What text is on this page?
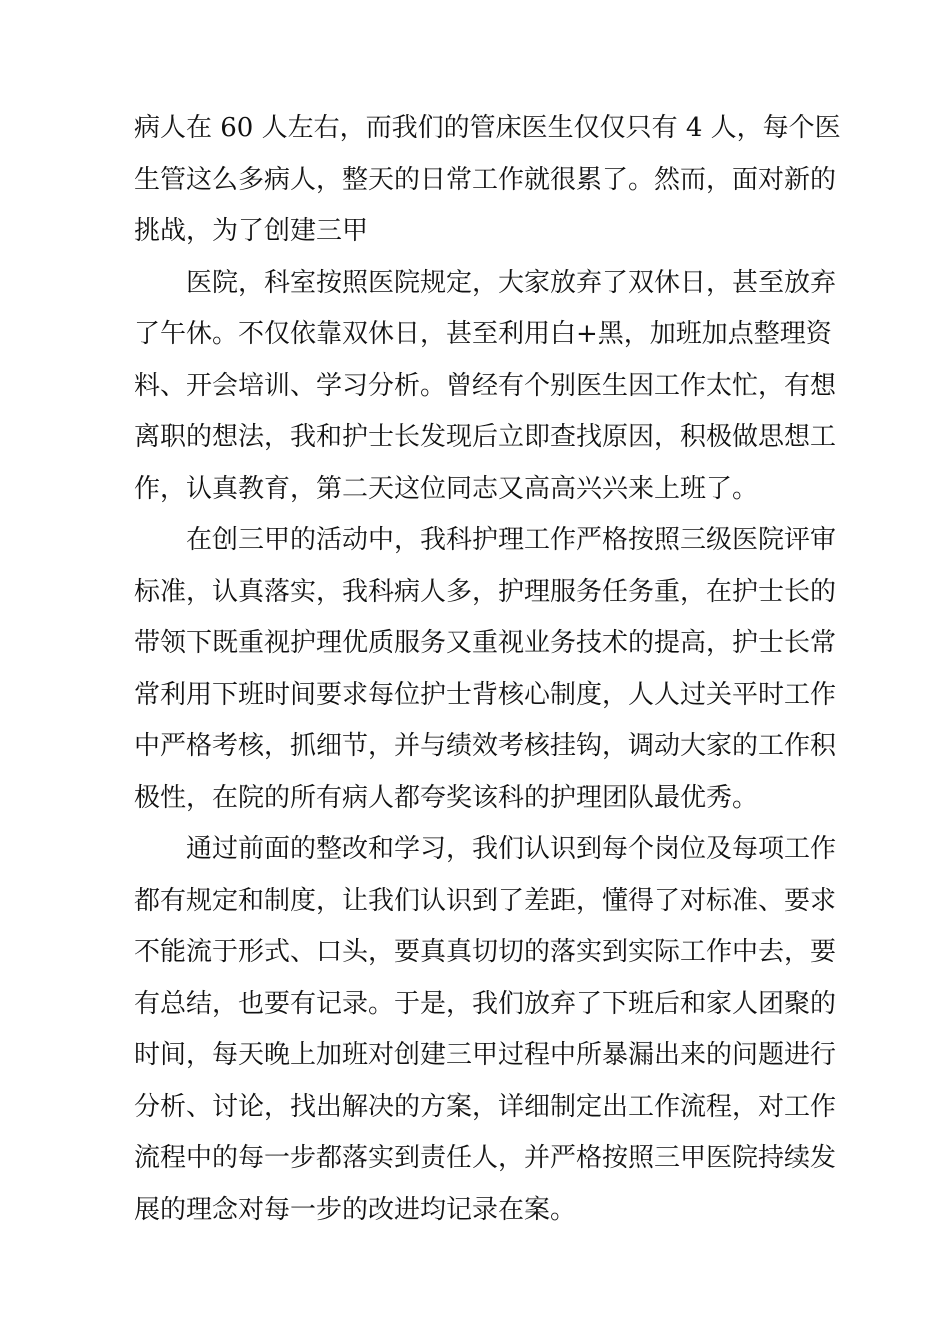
病人在 60 人左右，而我们的管床医生仅仅只有 4 人，每个医
生管这么多病人，整天的日常工作就很累了。然而，面对新的
挑战，为了创建三甲
医院，科室按照医院规定，大家放弃了双休日，甚至放弃
了午休。不仅依靠双休日，甚至利用白+黑，加班加点整理资
料、开会培训、学习分析。曾经有个别医生因工作太忙，有想
离职的想法，我和护士长发现后立即查找原因，积极做思想工
作，认真教育，第二天这位同志又高高兴兴来上班了。
在创三甲的活动中，我科护理工作严格按照三级医院评审
标准，认真落实，我科病人多，护理服务任务重，在护士长的
带领下既重视护理优质服务又重视业务技术的提高，护士长常
常利用下班时间要求每位护士背核心制度，人人过关平时工作
中严格考核，抓细节，并与绩效考核挂钩，调动大家的工作积
极性，在院的所有病人都夸奖该科的护理团队最优秀。
通过前面的整改和学习，我们认识到每个岗位及每项工作
都有规定和制度，让我们认识到了差距，懂得了对标准、要求
不能流于形式、口头，要真真切切的落实到实际工作中去，要
有总结，也要有记录。于是，我们放弃了下班后和家人团聚的
时间，每天晚上加班对创建三甲过程中所暴漏出来的问题进行
分析、讨论，找出解决的方案，详细制定出工作流程，对工作
流程中的每一步都落实到责任人，并严格按照三甲医院持续发
展的理念对每一步的改进均记录在案。
